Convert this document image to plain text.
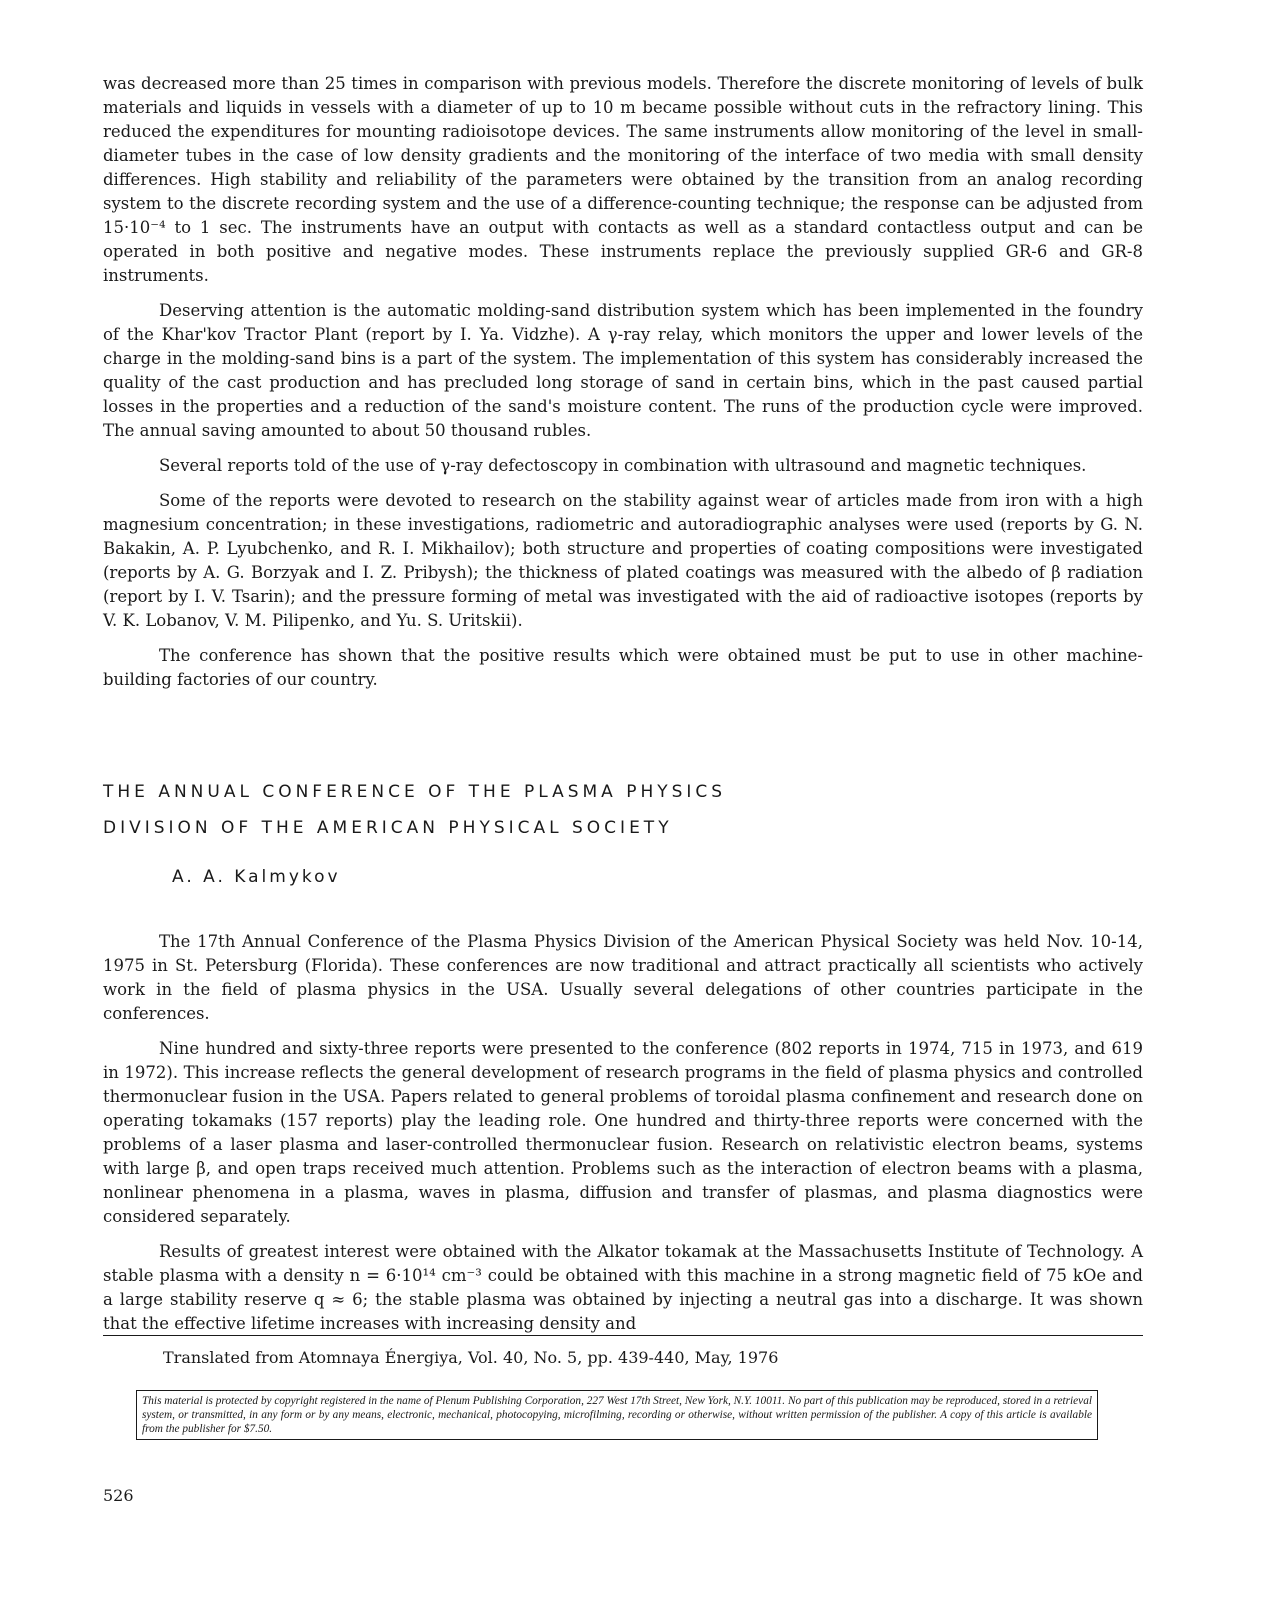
was decreased more than 25 times in comparison with previous models. Therefore the discrete monitoring of levels of bulk materials and liquids in vessels with a diameter of up to 10 m became possible without cuts in the refractory lining. This reduced the expenditures for mounting radioisotope devices. The same instruments allow monitoring of the level in small-diameter tubes in the case of low density gradients and the monitoring of the interface of two media with small density differences. High stability and reliability of the parameters were obtained by the transition from an analog recording system to the discrete recording system and the use of a difference-counting technique; the response can be adjusted from 15·10⁻⁴ to 1 sec. The instruments have an output with contacts as well as a standard contactless output and can be operated in both positive and negative modes. These instruments replace the previously supplied GR-6 and GR-8 instruments.

Deserving attention is the automatic molding-sand distribution system which has been implemented in the foundry of the Khar'kov Tractor Plant (report by I. Ya. Vidzhe). A γ-ray relay, which monitors the upper and lower levels of the charge in the molding-sand bins is a part of the system. The implementation of this system has considerably increased the quality of the cast production and has precluded long storage of sand in certain bins, which in the past caused partial losses in the properties and a reduction of the sand's moisture content. The runs of the production cycle were improved. The annual saving amounted to about 50 thousand rubles.

Several reports told of the use of γ-ray defectoscopy in combination with ultrasound and magnetic techniques.

Some of the reports were devoted to research on the stability against wear of articles made from iron with a high magnesium concentration; in these investigations, radiometric and autoradiographic analyses were used (reports by G. N. Bakakin, A. P. Lyubchenko, and R. I. Mikhailov); both structure and properties of coating compositions were investigated (reports by A. G. Borzyak and I. Z. Pribysh); the thickness of plated coatings was measured with the albedo of β radiation (report by I. V. Tsarin); and the pressure forming of metal was investigated with the aid of radioactive isotopes (reports by V. K. Lobanov, V. M. Pilipenko, and Yu. S. Uritskii).

The conference has shown that the positive results which were obtained must be put to use in other machine-building factories of our country.

THE ANNUAL CONFERENCE OF THE PLASMA PHYSICS
DIVISION OF THE AMERICAN PHYSICAL SOCIETY
A. A. Kalmykov

The 17th Annual Conference of the Plasma Physics Division of the American Physical Society was held Nov. 10-14, 1975 in St. Petersburg (Florida). These conferences are now traditional and attract practically all scientists who actively work in the field of plasma physics in the USA. Usually several delegations of other countries participate in the conferences.

Nine hundred and sixty-three reports were presented to the conference (802 reports in 1974, 715 in 1973, and 619 in 1972). This increase reflects the general development of research programs in the field of plasma physics and controlled thermonuclear fusion in the USA. Papers related to general problems of toroidal plasma confinement and research done on operating tokamaks (157 reports) play the leading role. One hundred and thirty-three reports were concerned with the problems of a laser plasma and laser-controlled thermonuclear fusion. Research on relativistic electron beams, systems with large β, and open traps received much attention. Problems such as the interaction of electron beams with a plasma, nonlinear phenomena in a plasma, waves in plasma, diffusion and transfer of plasmas, and plasma diagnostics were considered separately.

Results of greatest interest were obtained with the Alkator tokamak at the Massachusetts Institute of Technology. A stable plasma with a density n = 6·10¹⁴ cm⁻³ could be obtained with this machine in a strong magnetic field of 75 kOe and a large stability reserve q ≈ 6; the stable plasma was obtained by injecting a neutral gas into a discharge. It was shown that the effective lifetime increases with increasing density and

Translated from Atomnaya Énergiya, Vol. 40, No. 5, pp. 439-440, May, 1976
This material is protected by copyright registered in the name of Plenum Publishing Corporation, 227 West 17th Street, New York, N.Y. 10011. No part of this publication may be reproduced, stored in a retrieval system, or transmitted, in any form or by any means, electronic, mechanical, photocopying, microfilming, recording or otherwise, without written permission of the publisher. A copy of this article is available from the publisher for $7.50.
526
